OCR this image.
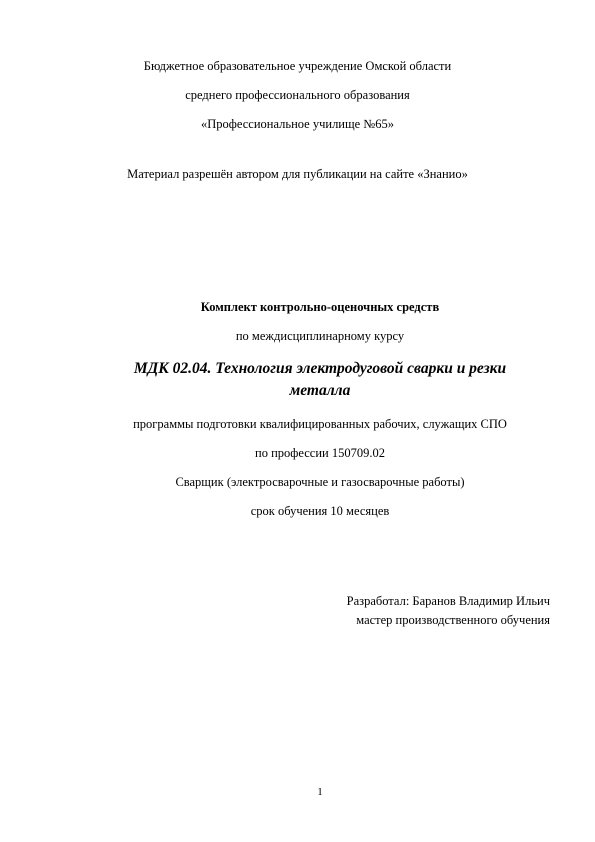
Бюджетное образовательное учреждение Омской области
среднего профессионального образования
«Профессиональное училище №65»
Материал разрешён автором для публикации на сайте «Знанио»
Комплект контрольно-оценочных средств
по междисциплинарному курсу
МДК 02.04. Технология электродуговой сварки и резки
металла
программы подготовки квалифицированных рабочих, служащих СПО
по профессии 150709.02
Сварщик (электросварочные и газосварочные работы)
срок обучения 10 месяцев
Разработал: Баранов Владимир Ильич
мастер производственного обучения
1
